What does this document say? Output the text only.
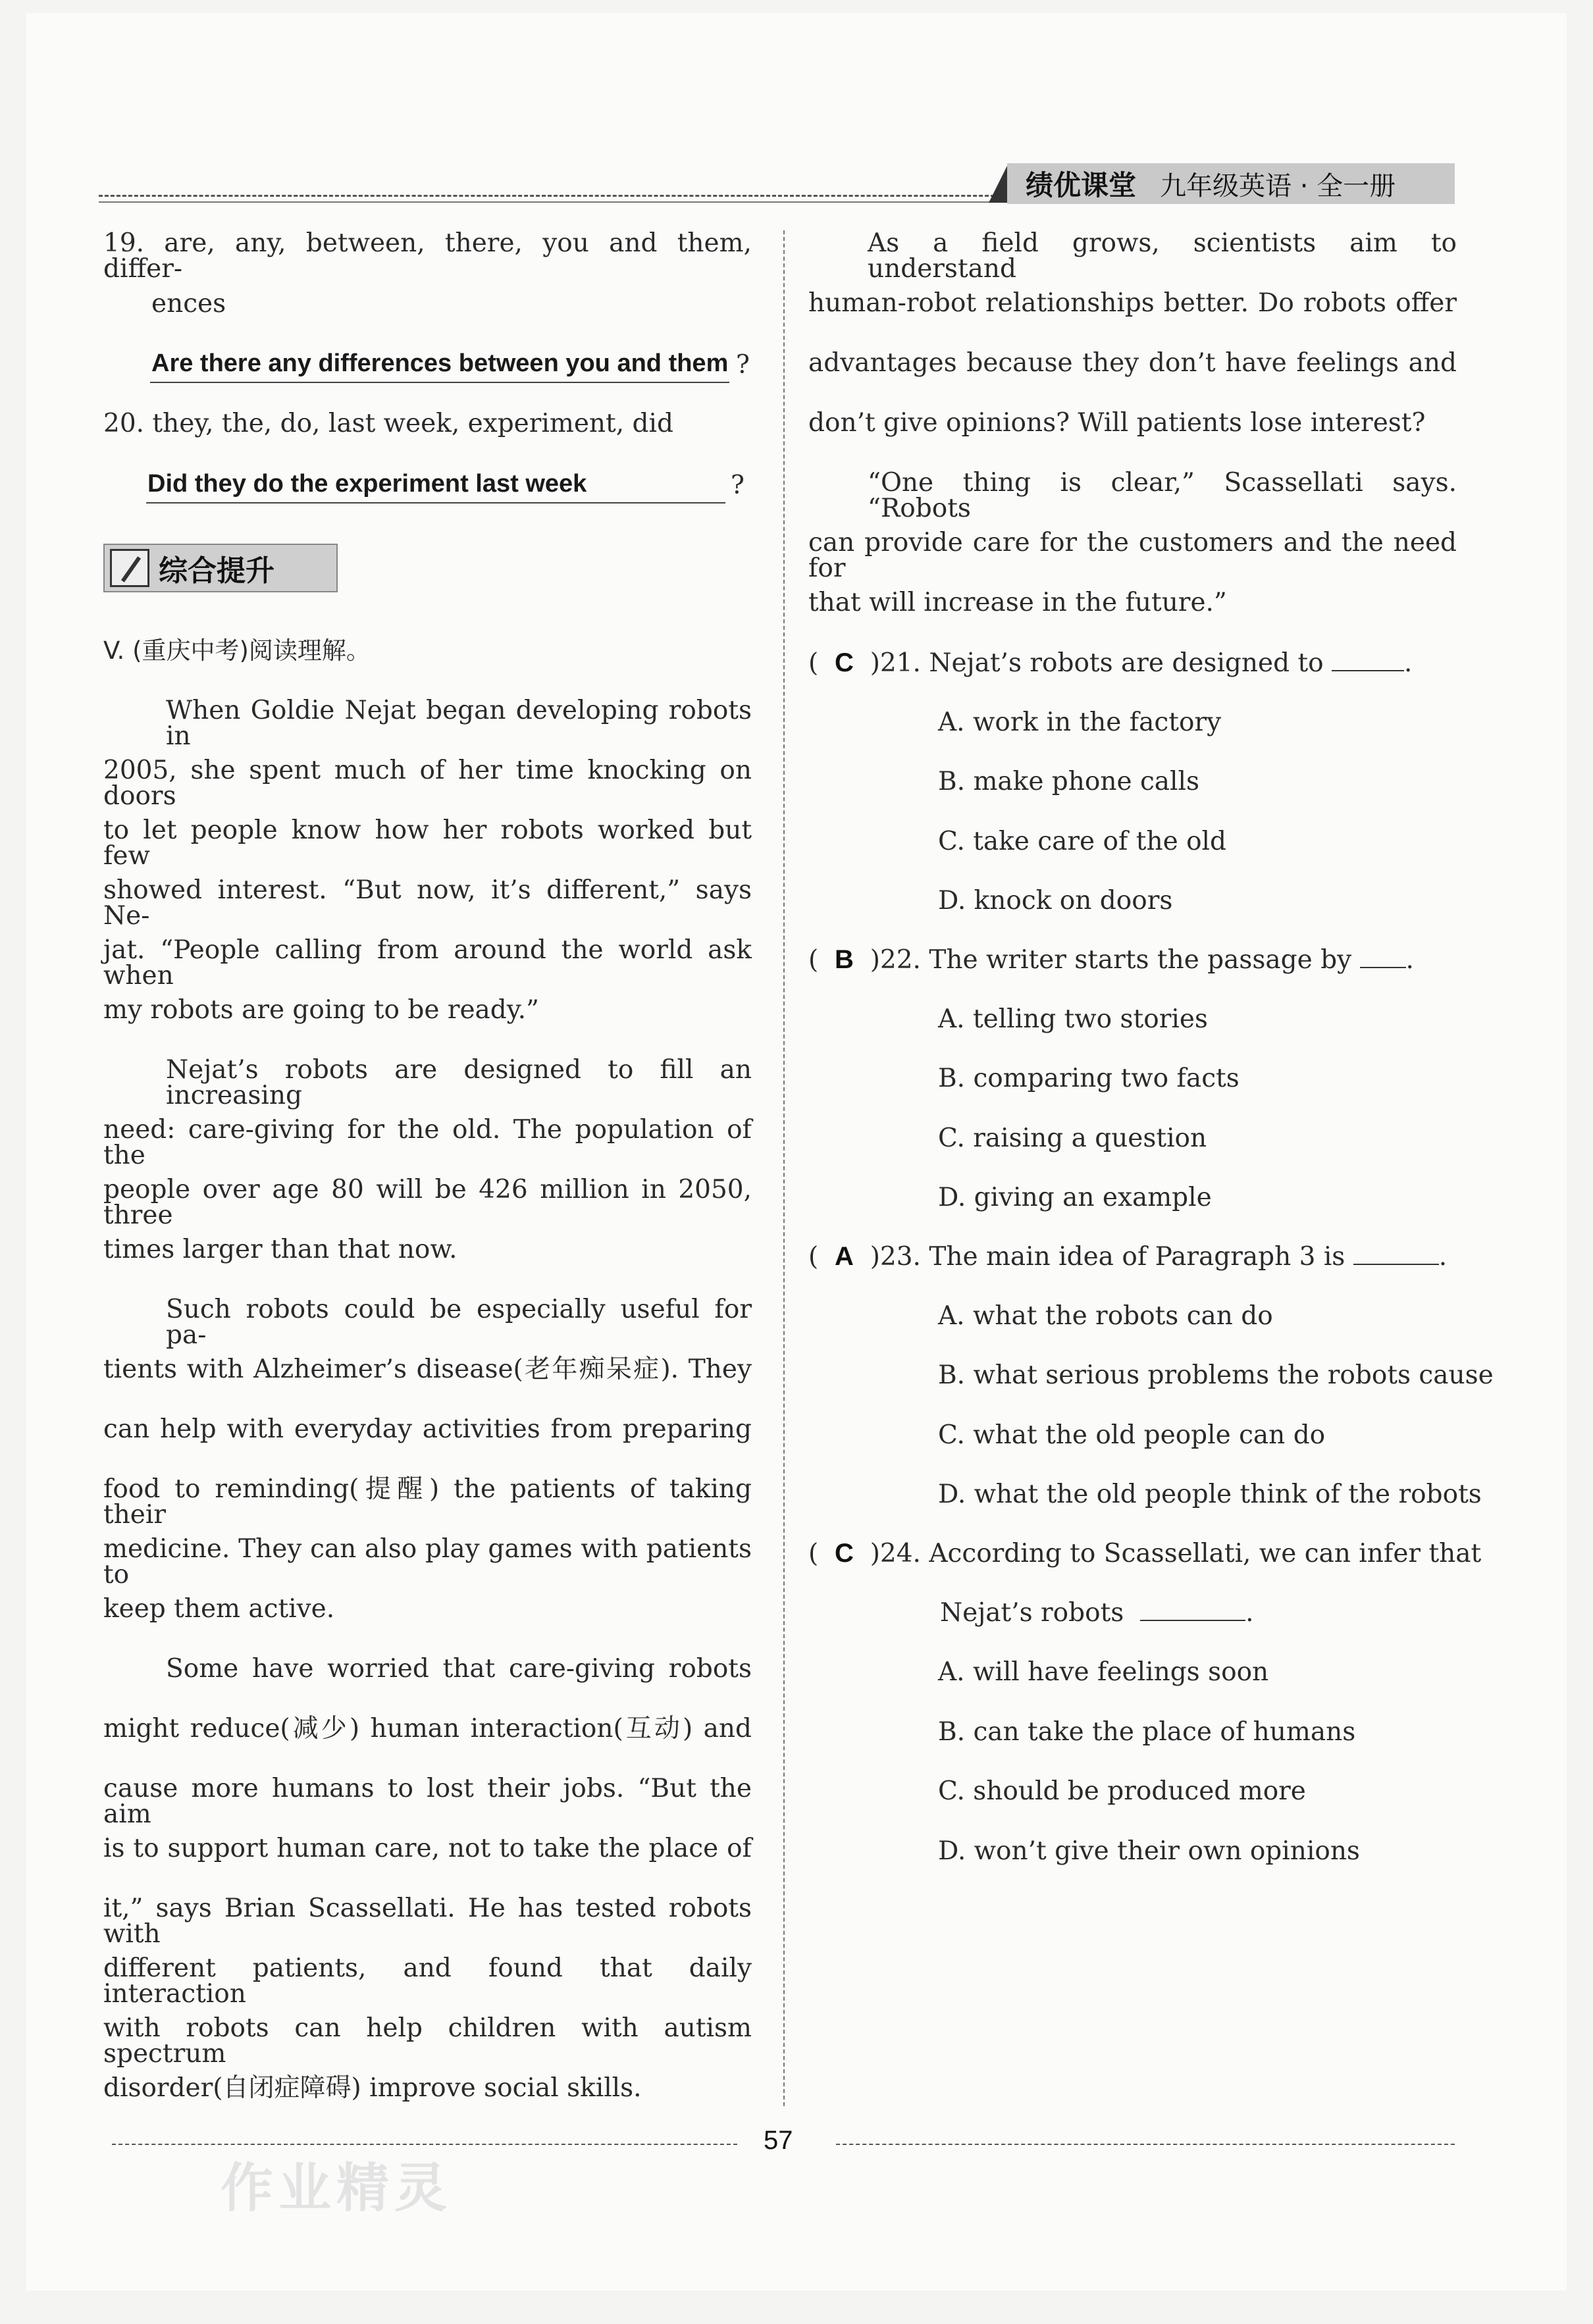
绩优课堂 九年级英语 · 全一册
19. are, any, between, there, you and them, differ-
ences
Are there any differences between you and them ?
20. they, the, do, last week, experiment, did
Did they do the experiment last week	?
综合提升
V. (重庆中考)阅读理解。
When Goldie Nejat began developing robots in
2005, she spent much of her time knocking on doors
to let people know how her robots worked but few
showed interest. “But now, it’s different,” says Ne-
jat. “People calling from around the world ask when
my robots are going to be ready.”
Nejat’s robots are designed to fill an increasing
need: care-giving for the old. The population of the
people over age 80 will be 426 million in 2050, three
times larger than that now.
Such robots could be especially useful for pa-
tients with Alzheimer’s disease(老年痴呆症). They
can help with everyday activities from preparing
food to reminding(提醒) the patients of taking their
medicine. They can also play games with patients to
keep them active.
Some have worried that care-giving robots
might reduce(减少) human interaction(互动) and
cause more humans to lost their jobs. “But the aim
is to support human care, not to take the place of
it,” says Brian Scassellati. He has tested robots with
different patients, and found that daily interaction
with robots can help children with autism spectrum
disorder(自闭症障碍) improve social skills.
As a field grows, scientists aim to understand
human-robot relationships better. Do robots offer
advantages because they don’t have feelings and
don’t give opinions? Will patients lose interest?
“One thing is clear,” Scassellati says. “Robots
can provide care for the customers and the need for
that will increase in the future.”
(  C )21. Nejat’s robots are designed to	.
A. work in the factory
B. make phone calls
C. take care of the old
D. knock on doors
(  B )22. The writer starts the passage by .
A. telling two stories
B. comparing two facts
C. raising a question
D. giving an example
(  A )23. The main idea of Paragraph 3 is	.
A. what the robots can do
B. what serious problems the robots cause
C. what the old people can do
D. what the old people think of the robots
(  C )24. According to Scassellati, we can infer that
Nejat’s robots	.
A. will have feelings soon
B. can take the place of humans
C. should be produced more
D. won’t give their own opinions
57
作业精灵
